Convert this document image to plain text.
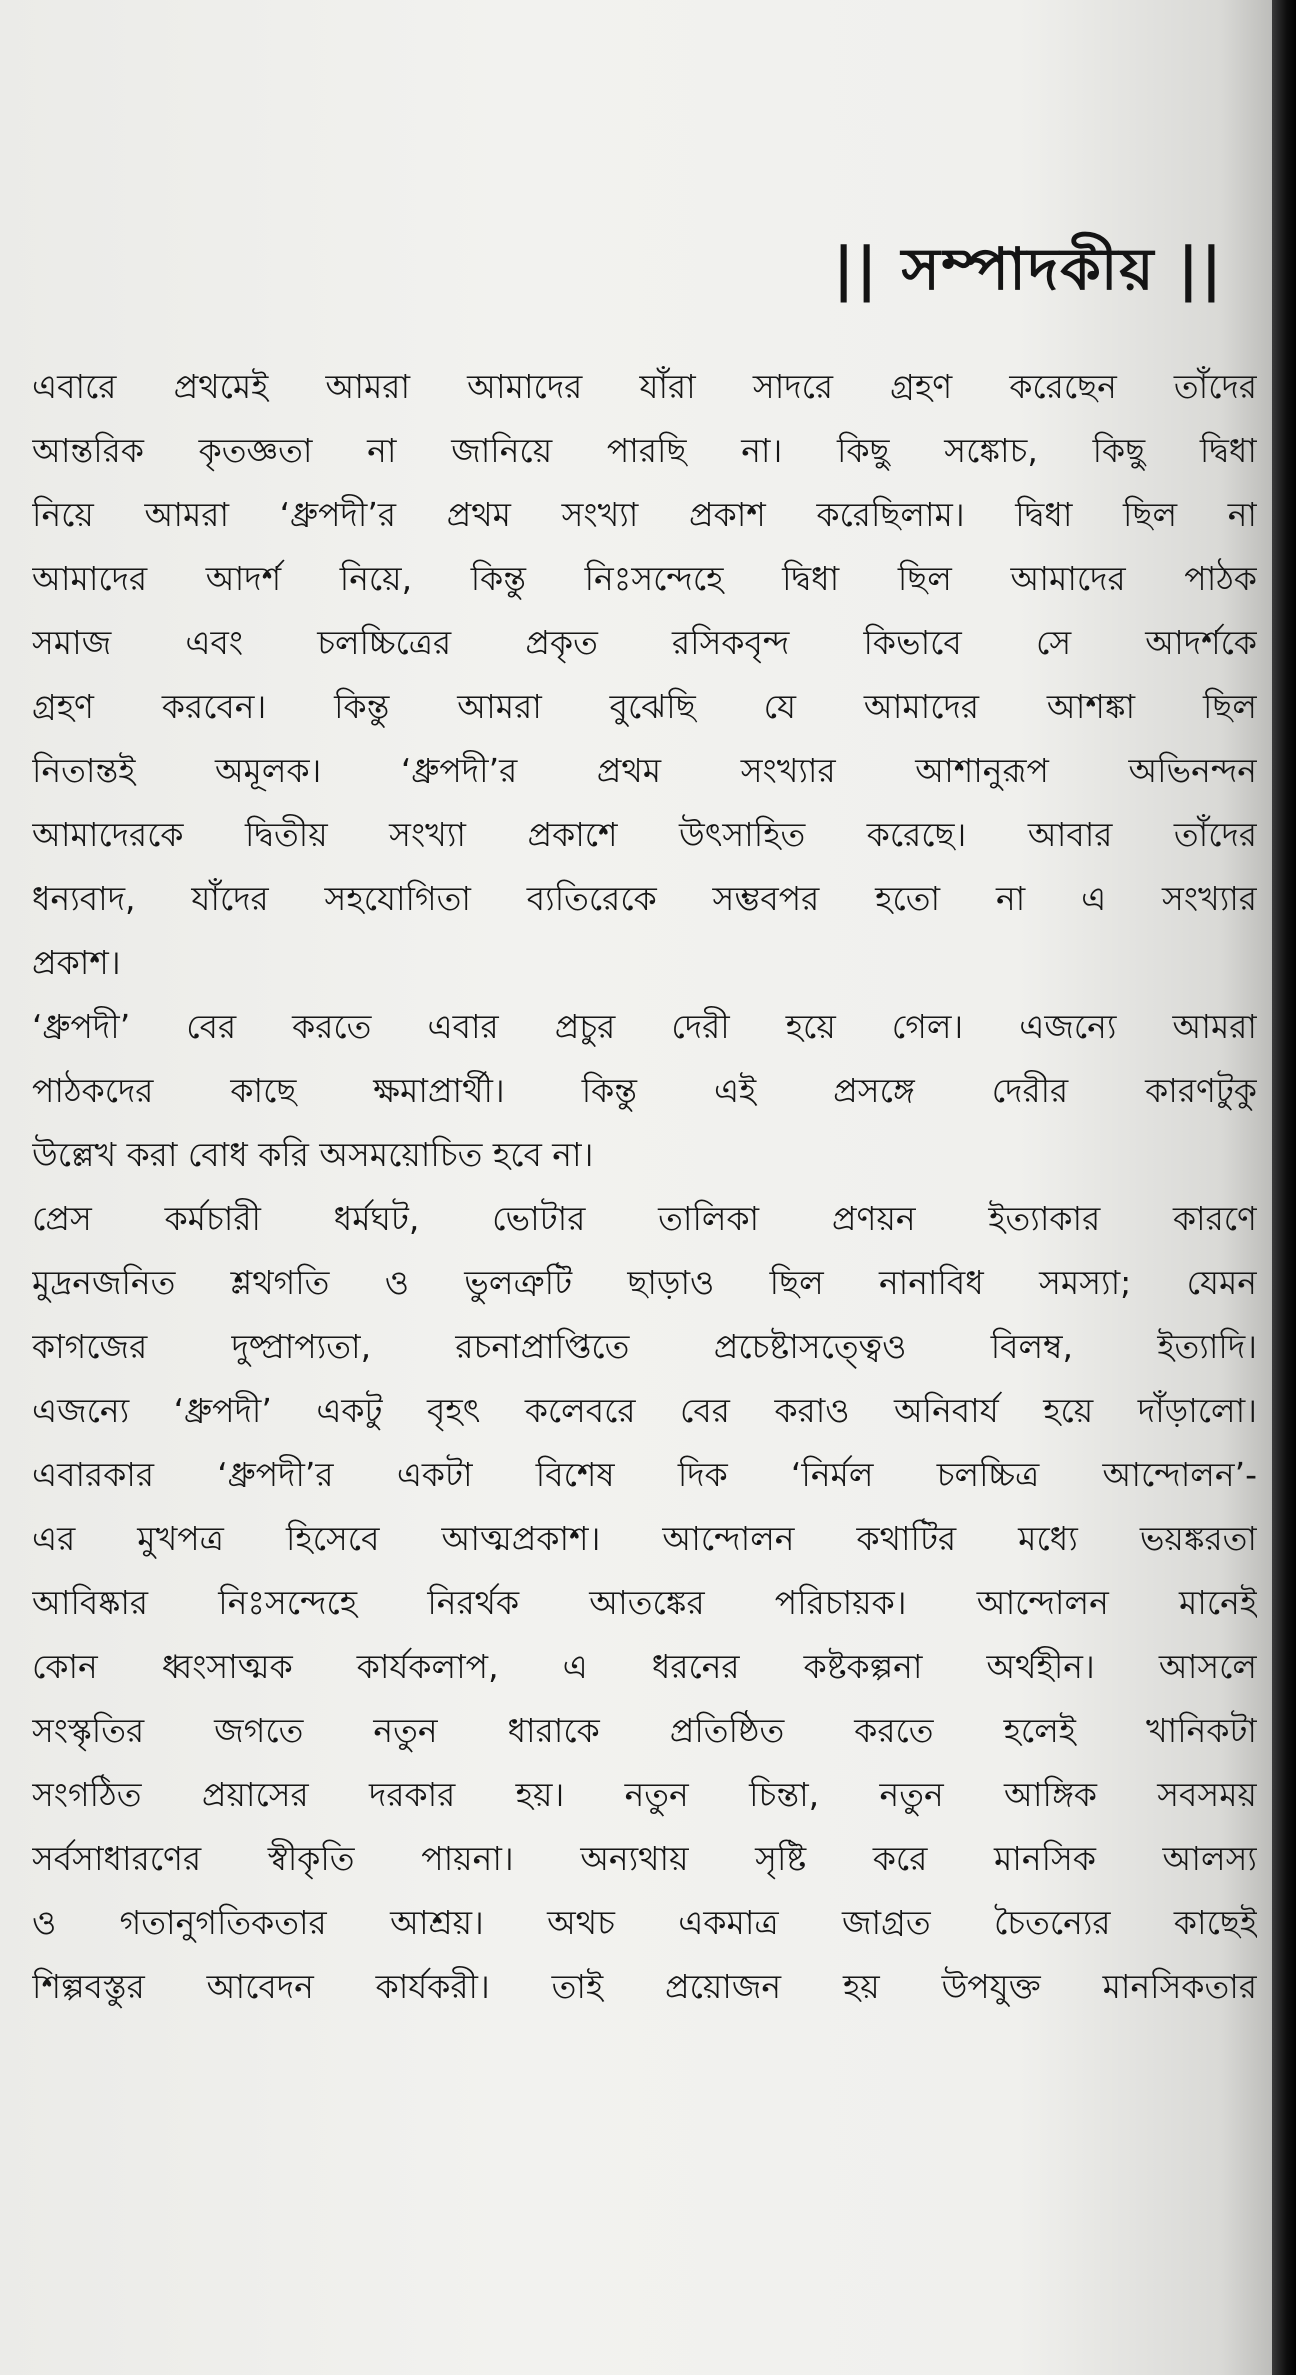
|| সম্পাদকীয় ||
এবারে প্রথমেই আমরা আমাদের যাঁরা সাদরে গ্রহণ করেছেন তাঁদের
আন্তরিক কৃতজ্ঞতা না জানিয়ে পারছি না। কিছু সঙ্কোচ, কিছু দ্বিধা
নিয়ে আমরা ‘ধ্রুপদী’র প্রথম সংখ্যা প্রকাশ করেছিলাম। দ্বিধা ছিল না
আমাদের আদর্শ নিয়ে, কিন্তু নিঃসন্দেহে দ্বিধা ছিল আমাদের পাঠক
সমাজ এবং চলচ্চিত্রের প্রকৃত রসিকবৃন্দ কিভাবে সে আদর্শকে
গ্রহণ করবেন। কিন্তু আমরা বুঝেছি যে আমাদের আশঙ্কা ছিল
নিতান্তই অমূলক। ‘ধ্রুপদী’র প্রথম সংখ্যার আশানুরূপ অভিনন্দন
আমাদেরকে দ্বিতীয় সংখ্যা প্রকাশে উৎসাহিত করেছে। আবার তাঁদের
ধন্যবাদ, যাঁদের সহযোগিতা ব্যতিরেকে সম্ভবপর হতো না এ সংখ্যার
প্রকাশ।
‘ধ্রুপদী’ বের করতে এবার প্রচুর দেরী হয়ে গেল। এজন্যে আমরা
পাঠকদের কাছে ক্ষমাপ্রার্থী। কিন্তু এই প্রসঙ্গে দেরীর কারণটুকু
উল্লেখ করা বোধ করি অসময়োচিত হবে না।
প্রেস কর্মচারী ধর্মঘট, ভোটার তালিকা প্রণয়ন ইত্যাকার কারণে
মুদ্রনজনিত শ্লথগতি ও ভুলত্রুটি ছাড়াও ছিল নানাবিধ সমস্যা; যেমন
কাগজের দুষ্প্রাপ্যতা, রচনাপ্রাপ্তিতে প্রচেষ্টাসত্ত্বেও বিলম্ব, ইত্যাদি।
এজন্যে ‘ধ্রুপদী’ একটু বৃহৎ কলেবরে বের করাও অনিবার্য হয়ে দাঁড়ালো।
এবারকার ‘ধ্রুপদী’র একটা বিশেষ দিক ‘নির্মল চলচ্চিত্র আন্দোলন’-
এর মুখপত্র হিসেবে আত্মপ্রকাশ। আন্দোলন কথাটির মধ্যে ভয়ঙ্করতা
আবিষ্কার নিঃসন্দেহে নিরর্থক আতঙ্কের পরিচায়ক। আন্দোলন মানেই
কোন ধ্বংসাত্মক কার্যকলাপ, এ ধরনের কষ্টকল্পনা অর্থহীন। আসলে
সংস্কৃতির জগতে নতুন ধারাকে প্রতিষ্ঠিত করতে হলেই খানিকটা
সংগঠিত প্রয়াসের দরকার হয়। নতুন চিন্তা, নতুন আঙ্গিক সবসময়
সর্বসাধারণের স্বীকৃতি পায়না। অন্যথায় সৃষ্টি করে মানসিক আলস্য
ও গতানুগতিকতার আশ্রয়। অথচ একমাত্র জাগ্রত চৈতন্যের কাছেই
শিল্পবস্তুর আবেদন কার্যকরী। তাই প্রয়োজন হয় উপযুক্ত মানসিকতার
